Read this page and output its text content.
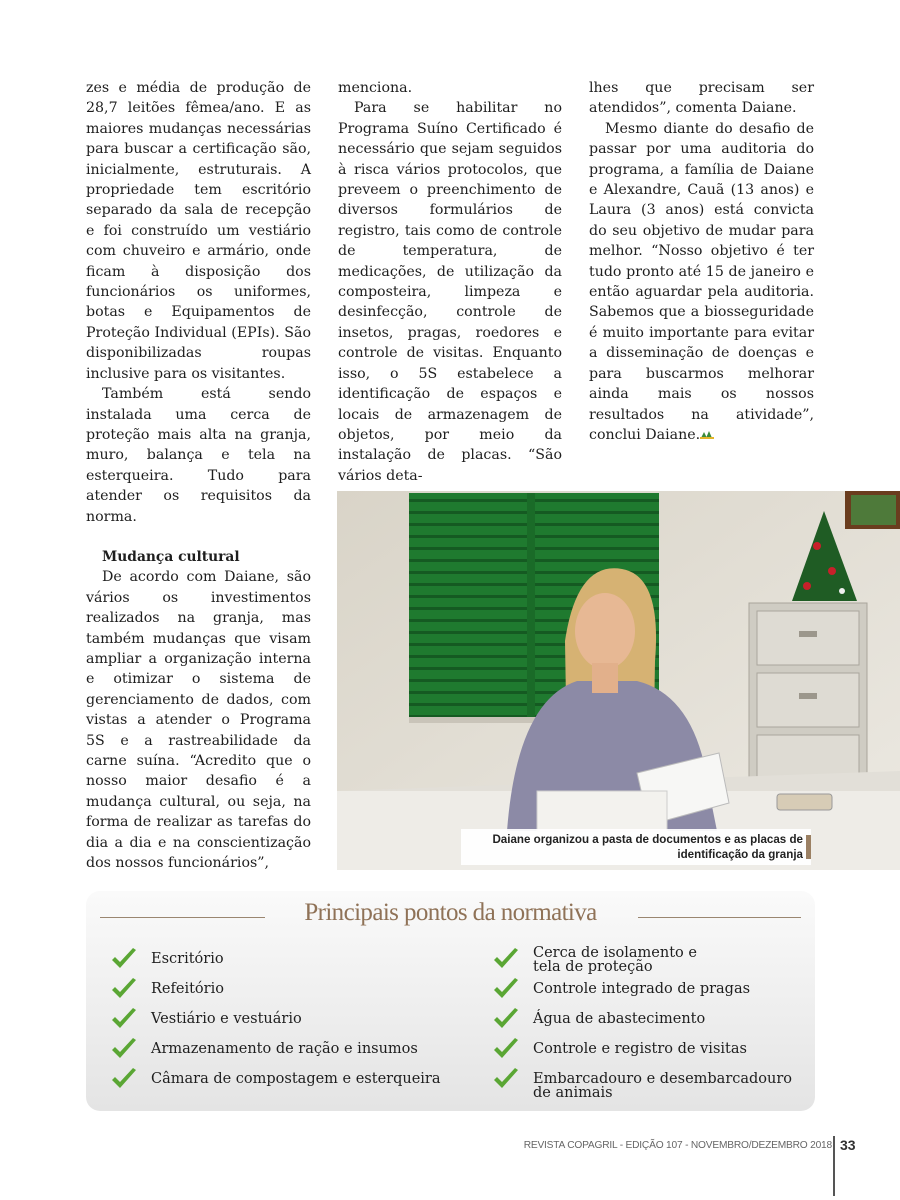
zes e média de produção de 28,7 leitões fêmea/ano. E as maiores mudanças necessárias para buscar a certificação são, inicialmente, estruturais. A propriedade tem escritório separado da sala de recepção e foi construído um vestiário com chuveiro e armário, onde ficam à disposição dos funcionários os uniformes, botas e Equipamentos de Proteção Individual (EPIs). São disponibilizadas roupas inclusive para os visitantes.

Também está sendo instalada uma cerca de proteção mais alta na granja, muro, balança e tela na esterqueira. Tudo para atender os requisitos da norma.

Mudança cultural

De acordo com Daiane, são vários os investimentos realizados na granja, mas também mudanças que visam ampliar a organização interna e otimizar o sistema de gerenciamento de dados, com vistas a atender o Programa 5S e a rastreabilidade da carne suína. “Acredito que o nosso maior desafio é a mudança cultural, ou seja, na forma de realizar as tarefas do dia a dia e na conscientização dos nossos funcionários”,

menciona.

Para se habilitar no Programa Suíno Certificado é necessário que sejam seguidos à risca vários protocolos, que preveem o preenchimento de diversos formulários de registro, tais como de controle de temperatura, de medicações, de utilização da composteira, limpeza e desinfecção, controle de insetos, pragas, roedores e controle de visitas. Enquanto isso, o 5S estabelece a identificação de espaços e locais de armazenagem de objetos, por meio da instalação de placas. “São vários deta-

lhes que precisam ser atendidos”, comenta Daiane.

Mesmo diante do desafio de passar por uma auditoria do programa, a família de Daiane e Alexandre, Cauã (13 anos) e Laura (3 anos) está convicta do seu objetivo de mudar para melhor. “Nosso objetivo é ter tudo pronto até 15 de janeiro e então aguardar pela auditoria. Sabemos que a biosseguridade é muito importante para evitar a disseminação de doenças e para buscarmos melhorar ainda mais os nossos resultados na atividade”, conclui Daiane.

Daiane organizou a pasta de documentos e as placas de
identificação da granja
Principais pontos da normativa
Escritório
Refeitório
Vestiário e vestuário
Armazenamento de ração e insumos
Câmara de compostagem e esterqueira
Cerca de isolamento e
tela de proteção
Controle integrado de pragas
Água de abastecimento
Controle e registro de visitas
Embarcadouro e desembarcadouro
de animais
REVISTA COPAGRIL - EDIÇÃO 107 - NOVEMBRO/DEZEMBRO 2018 33
